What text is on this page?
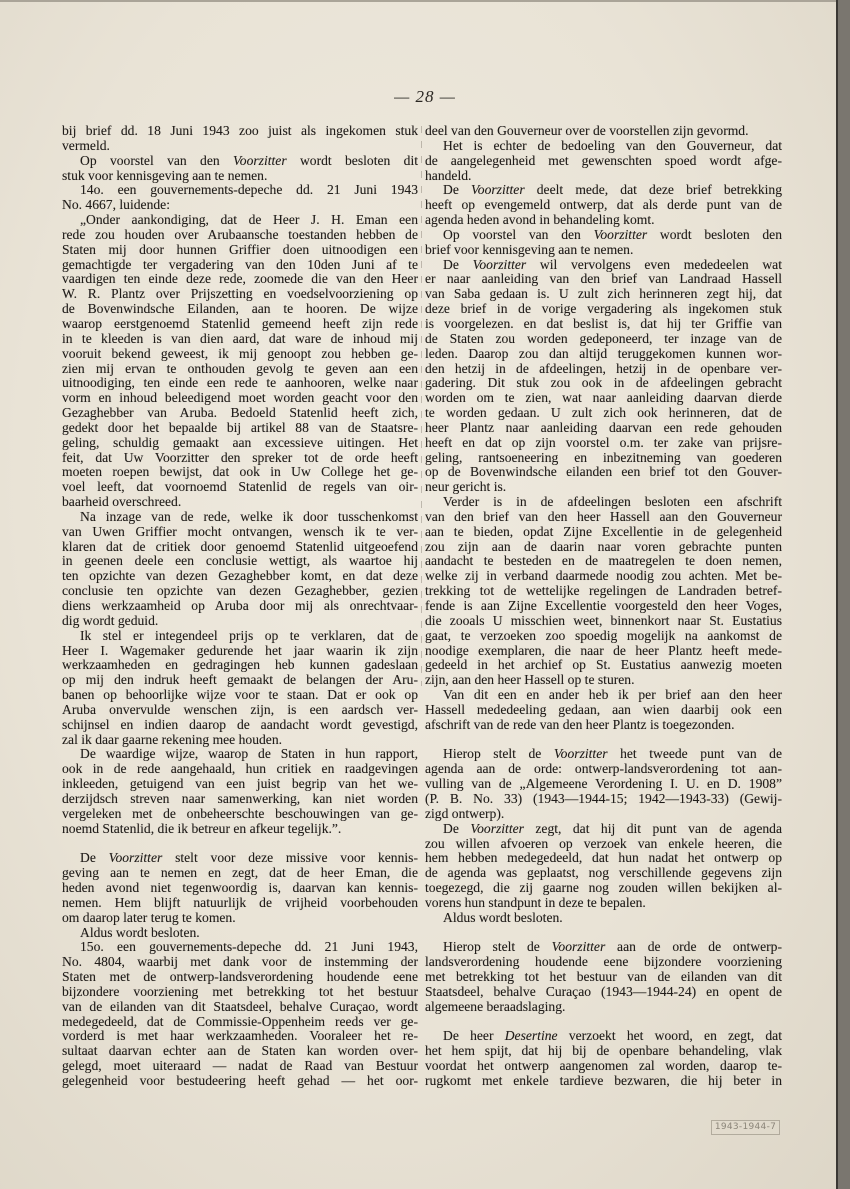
— 28 —
bij brief dd. 18 Juni 1943 zoo juist als ingekomen stuk
vermeld.
Op voorstel van den Voorzitter wordt besloten dit
stuk voor kennisgeving aan te nemen.
14o. een gouvernements-depeche dd. 21 Juni 1943
No. 4667, luidende:
„Onder aankondiging, dat de Heer J. H. Eman een
rede zou houden over Arubaansche toestanden hebben de
Staten mij door hunnen Griffier doen uitnoodigen een
gemachtigde ter vergadering van den 10den Juni af te
vaardigen ten einde deze rede, zoomede die van den Heer
W. R. Plantz over Prijszetting en voedselvoorziening op
de Bovenwindsche Eilanden, aan te hooren. De wijze
waarop eerstgenoemd Statenlid gemeend heeft zijn rede
in te kleeden is van dien aard, dat ware de inhoud mij
vooruit bekend geweest, ik mij genoopt zou hebben ge-
zien mij ervan te onthouden gevolg te geven aan een
uitnoodiging, ten einde een rede te aanhooren, welke naar
vorm en inhoud beleedigend moet worden geacht voor den
Gezaghebber van Aruba. Bedoeld Statenlid heeft zich,
gedekt door het bepaalde bij artikel 88 van de Staatsre-
geling, schuldig gemaakt aan excessieve uitingen. Het
feit, dat Uw Voorzitter den spreker tot de orde heeft
moeten roepen bewijst, dat ook in Uw College het ge-
voel leeft, dat voornoemd Statenlid de regels van oir-
baarheid overschreed.
Na inzage van de rede, welke ik door tusschenkomst
van Uwen Griffier mocht ontvangen, wensch ik te ver-
klaren dat de critiek door genoemd Statenlid uitgeoefend
in geenen deele een conclusie wettigt, als waartoe hij
ten opzichte van dezen Gezaghebber komt, en dat deze
conclusie ten opzichte van dezen Gezaghebber, gezien
diens werkzaamheid op Aruba door mij als onrechtvaar-
dig wordt geduid.
Ik stel er integendeel prijs op te verklaren, dat de
Heer I. Wagemaker gedurende het jaar waarin ik zijn
werkzaamheden en gedragingen heb kunnen gadeslaan
op mij den indruk heeft gemaakt de belangen der Aru-
banen op behoorlijke wijze voor te staan. Dat er ook op
Aruba onvervulde wenschen zijn, is een aardsch ver-
schijnsel en indien daarop de aandacht wordt gevestigd,
zal ik daar gaarne rekening mee houden.
De waardige wijze, waarop de Staten in hun rapport,
ook in de rede aangehaald, hun critiek en raadgevingen
inkleeden, getuigend van een juist begrip van het we-
derzijdsch streven naar samenwerking, kan niet worden
vergeleken met de onbeheerschte beschouwingen van ge-
noemd Statenlid, die ik betreur en afkeur tegelijk.”.
De Voorzitter stelt voor deze missive voor kennis-
geving aan te nemen en zegt, dat de heer Eman, die
heden avond niet tegenwoordig is, daarvan kan kennis-
nemen. Hem blijft natuurlijk de vrijheid voorbehouden
om daarop later terug te komen.
Aldus wordt besloten.
15o. een gouvernements-depeche dd. 21 Juni 1943,
No. 4804, waarbij met dank voor de instemming der
Staten met de ontwerp-landsverordening houdende eene
bijzondere voorziening met betrekking tot het bestuur
van de eilanden van dit Staatsdeel, behalve Curaçao, wordt
medegedeeld, dat de Commissie-Oppenheim reeds ver ge-
vorderd is met haar werkzaamheden. Vooraleer het re-
sultaat daarvan echter aan de Staten kan worden over-
gelegd, moet uiteraard — nadat de Raad van Bestuur
gelegenheid voor bestudeering heeft gehad — het oor-
deel van den Gouverneur over de voorstellen zijn gevormd.
Het is echter de bedoeling van den Gouverneur, dat
de aangelegenheid met gewenschten spoed wordt afge-
handeld.
De Voorzitter deelt mede, dat deze brief betrekking
heeft op evengemeld ontwerp, dat als derde punt van de
agenda heden avond in behandeling komt.
Op voorstel van den Voorzitter wordt besloten den
brief voor kennisgeving aan te nemen.
De Voorzitter wil vervolgens even mededeelen wat
er naar aanleiding van den brief van Landraad Hassell
van Saba gedaan is. U zult zich herinneren zegt hij, dat
deze brief in de vorige vergadering als ingekomen stuk
is voorgelezen. en dat beslist is, dat hij ter Griffie van
de Staten zou worden gedeponeerd, ter inzage van de
leden. Daarop zou dan altijd teruggekomen kunnen wor-
den hetzij in de afdeelingen, hetzij in de openbare ver-
gadering. Dit stuk zou ook in de afdeelingen gebracht
worden om te zien, wat naar aanleiding daarvan dierde
te worden gedaan. U zult zich ook herinneren, dat de
heer Plantz naar aanleiding daarvan een rede gehouden
heeft en dat op zijn voorstel o.m. ter zake van prijsre-
geling, rantsoeneering en inbezitneming van goederen
op de Bovenwindsche eilanden een brief tot den Gouver-
neur gericht is.
Verder is in de afdeelingen besloten een afschrift
van den brief van den heer Hassell aan den Gouverneur
aan te bieden, opdat Zijne Excellentie in de gelegenheid
zou zijn aan de daarin naar voren gebrachte punten
aandacht te besteden en de maatregelen te doen nemen,
welke zij in verband daarmede noodig zou achten. Met be-
trekking tot de wettelijke regelingen de Landraden betref-
fende is aan Zijne Excellentie voorgesteld den heer Voges,
die zooals U misschien weet, binnenkort naar St. Eustatius
gaat, te verzoeken zoo spoedig mogelijk na aankomst de
noodige exemplaren, die naar de heer Plantz heeft mede-
gedeeld in het archief op St. Eustatius aanwezig moeten
zijn, aan den heer Hassell op te sturen.
Van dit een en ander heb ik per brief aan den heer
Hassell mededeeling gedaan, aan wien daarbij ook een
afschrift van de rede van den heer Plantz is toegezonden.
Hierop stelt de Voorzitter het tweede punt van de
agenda aan de orde: ontwerp-landsverordening tot aan-
vulling van de „Algemeene Verordening I. U. en D. 1908”
(P. B. No. 33) (1943—1944-15; 1942—1943-33) (Gewij-
zigd ontwerp).
De Voorzitter zegt, dat hij dit punt van de agenda
zou willen afvoeren op verzoek van enkele heeren, die
hem hebben medegedeeld, dat hun nadat het ontwerp op
de agenda was geplaatst, nog verschillende gegevens zijn
toegezegd, die zij gaarne nog zouden willen bekijken al-
vorens hun standpunt in deze te bepalen.
Aldus wordt besloten.
Hierop stelt de Voorzitter aan de orde de ontwerp-
landsverordening houdende eene bijzondere voorziening
met betrekking tot het bestuur van de eilanden van dit
Staatsdeel, behalve Curaçao (1943—1944-24) en opent de
algemeene beraadslaging.
De heer Desertine verzoekt het woord, en zegt, dat
het hem spijt, dat hij bij de openbare behandeling, vlak
voordat het ontwerp aangenomen zal worden, daarop te-
rugkomt met enkele tardieve bezwaren, die hij beter in
1943-1944-7
